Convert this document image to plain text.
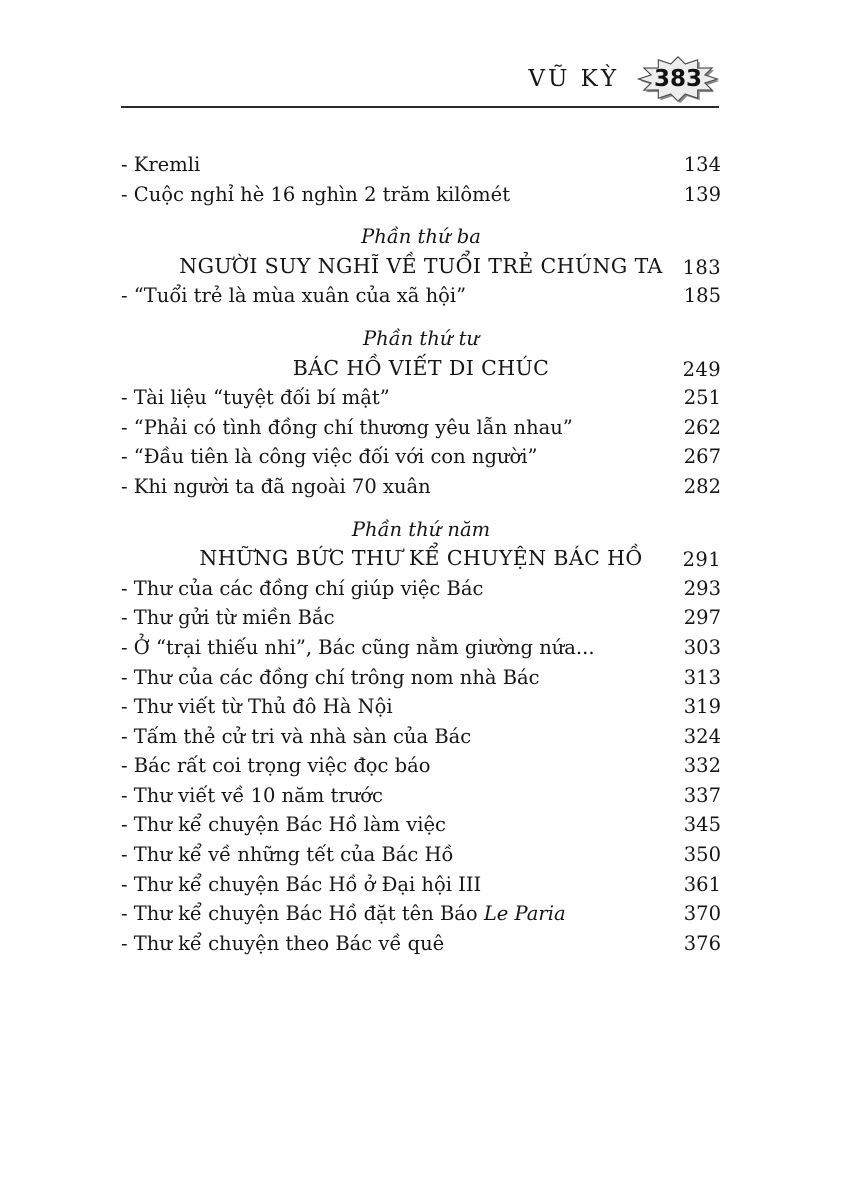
VŨ KỲ	383
- Kremli	134
- Cuộc nghỉ hè 16 nghìn 2 trăm kilômét	139
Phần thứ ba
NGƯỜI SUY NGHĨ VỀ TUỔI TRẺ CHÚNG TA 183
- “Tuổi trẻ là mùa xuân của xã hội”	185
Phần thứ tư
BÁC HỒ VIẾT DI CHÚC	249
- Tài liệu “tuyệt đối bí mật”	251
- “Phải có tình đồng chí thương yêu lẫn nhau”	262
- “Đầu tiên là công việc đối với con người”	267
- Khi người ta đã ngoài 70 xuân	282
Phần thứ năm
NHỮNG BỨC THƯ KỂ CHUYỆN BÁC HỒ 291
- Thư của các đồng chí giúp việc Bác	293
- Thư gửi từ miền Bắc	297
- Ở “trại thiếu nhi”, Bác cũng nằm giường nứa...	303
- Thư của các đồng chí trông nom nhà Bác	313
- Thư viết từ Thủ đô Hà Nội	319
- Tấm thẻ cử tri và nhà sàn của Bác	324
- Bác rất coi trọng việc đọc báo	332
- Thư viết về 10 năm trước	337
- Thư kể chuyện Bác Hồ làm việc	345
- Thư kể về những tết của Bác Hồ	350
- Thư kể chuyện Bác Hồ ở Đại hội III	361
- Thư kể chuyện Bác Hồ đặt tên Báo Le Paria	370
- Thư kể chuyện theo Bác về quê	376
